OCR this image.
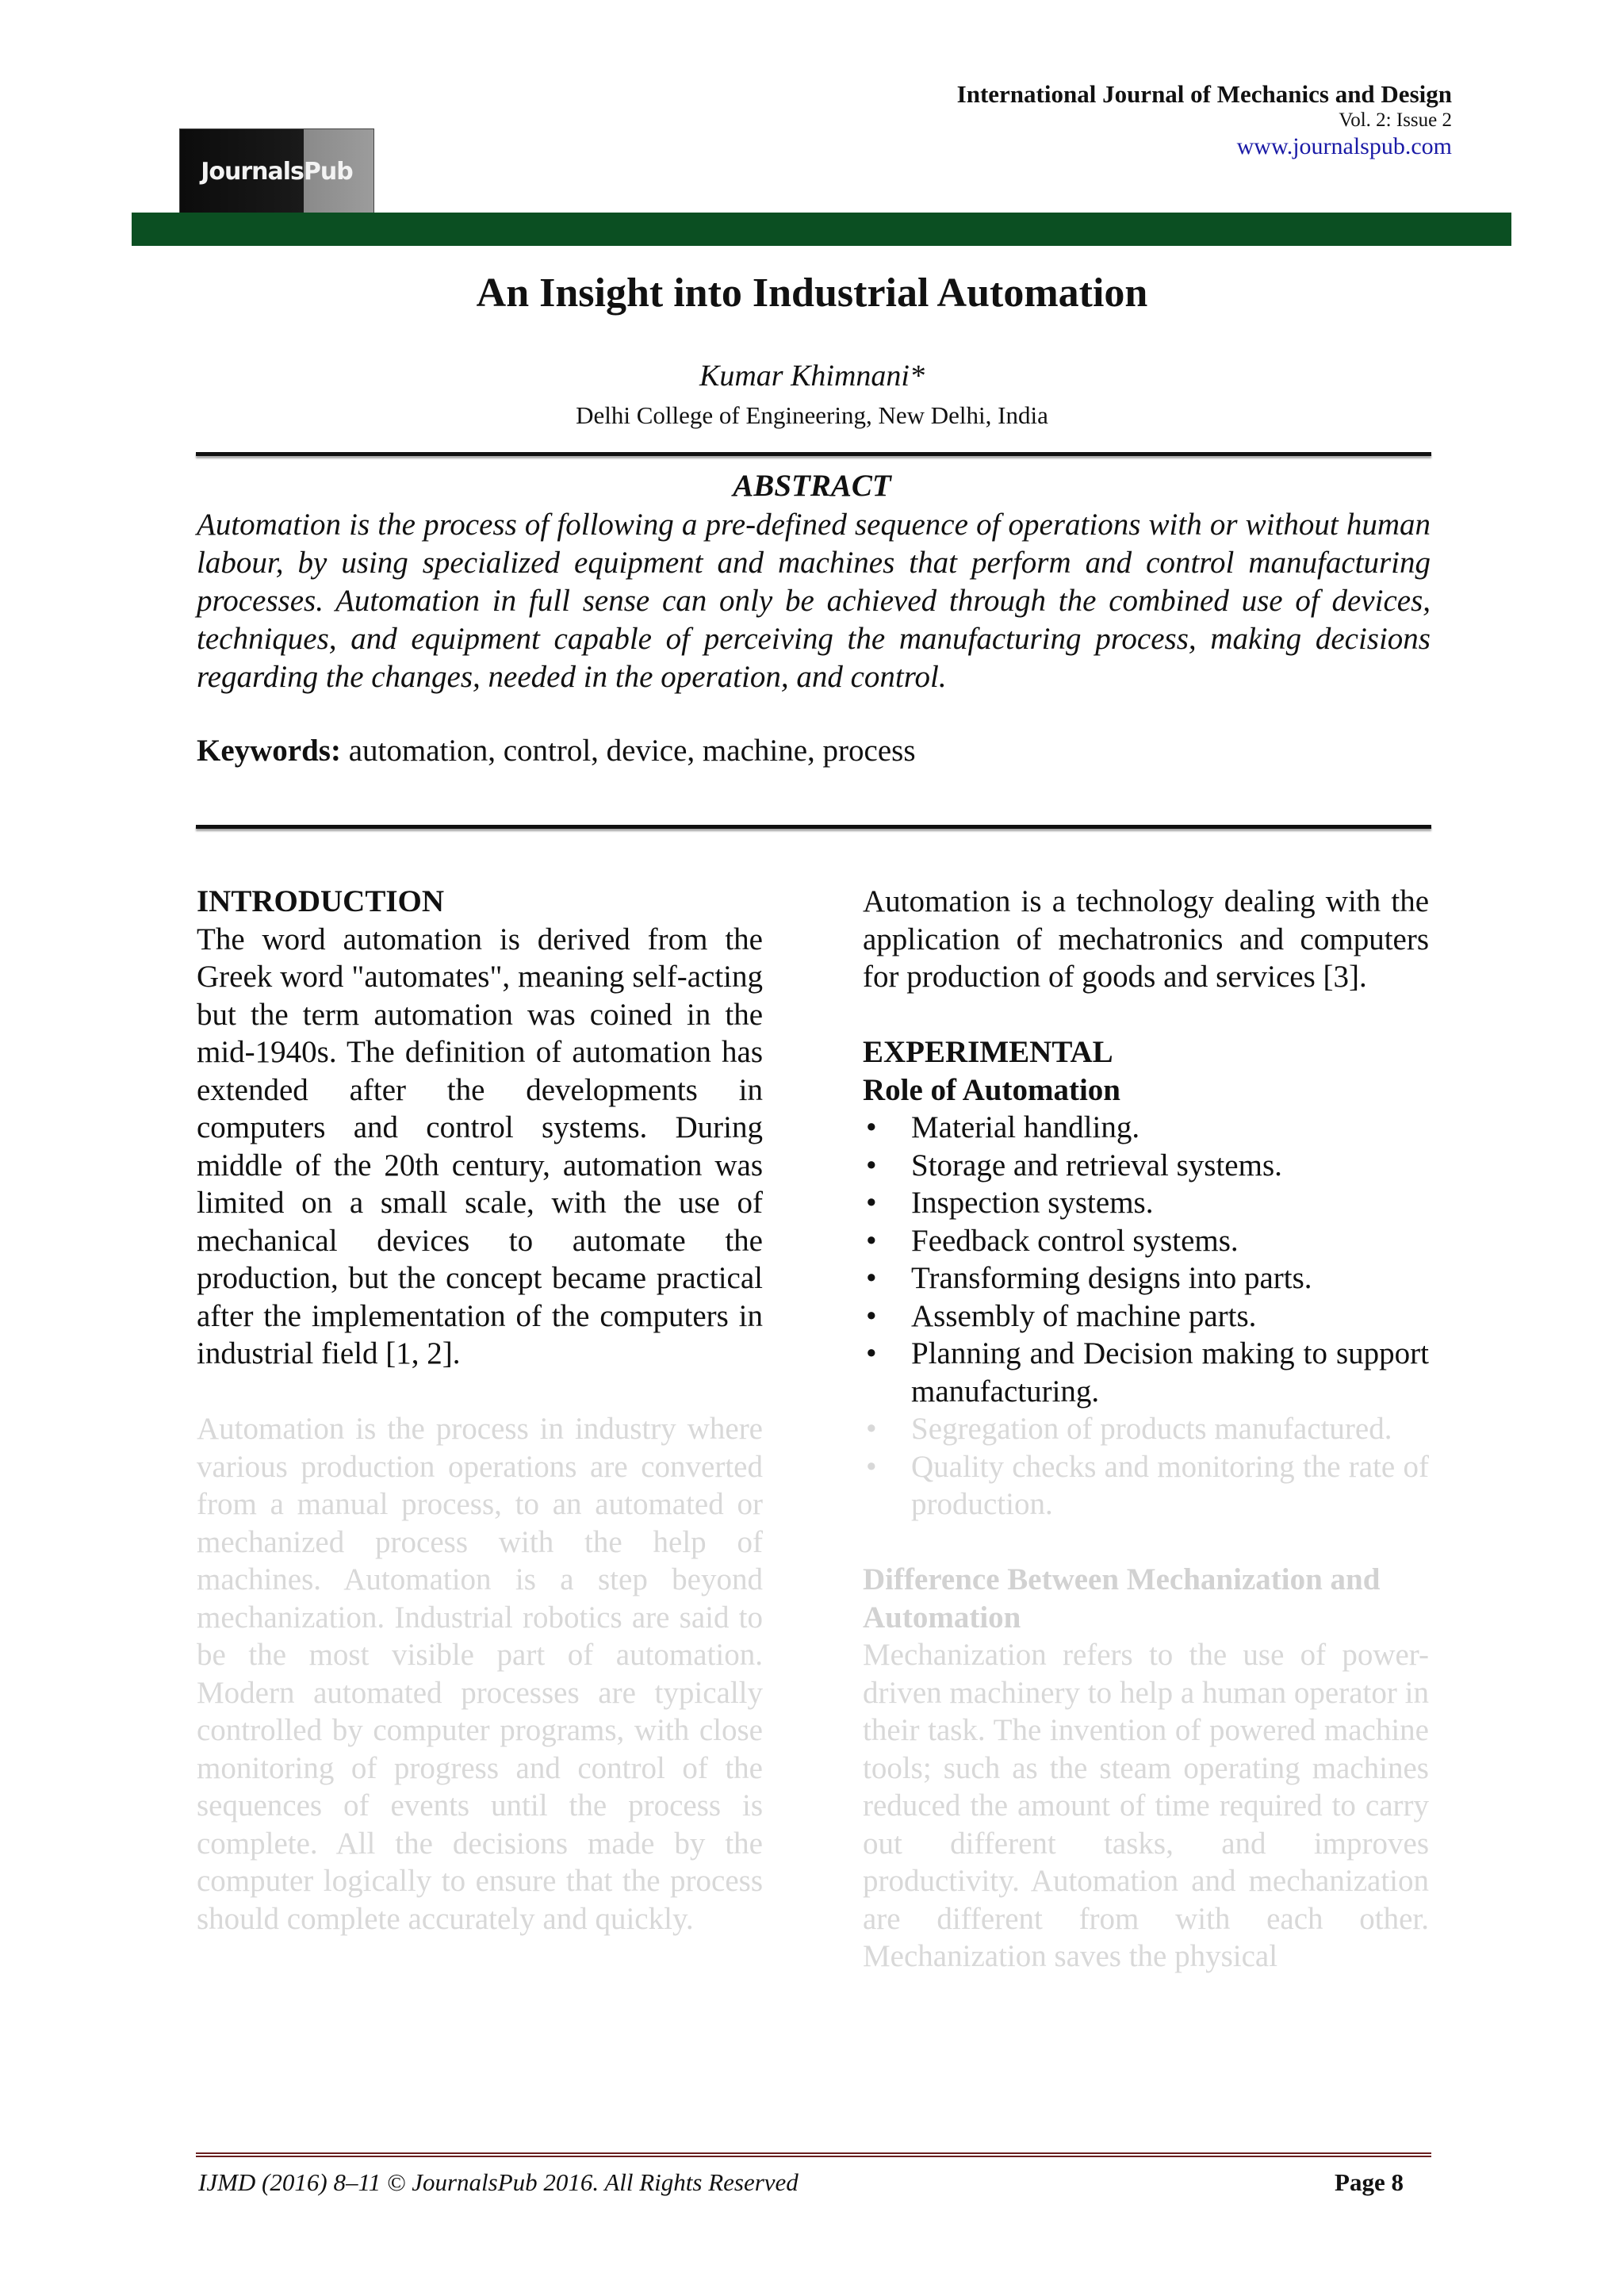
International Journal of Mechanics and Design
Vol. 2: Issue 2
www.journalspub.com
JournalsPub
An Insight into Industrial Automation
Kumar Khimnani*
Delhi College of Engineering, New Delhi, India
ABSTRACT

Automation is the process of following a pre-defined sequence of operations with or without human labour, by using specialized equipment and machines that perform and control manufacturing processes. Automation in full sense can only be achieved through the combined use of devices, techniques, and equipment capable of perceiving the manufacturing process, making decisions regarding the changes, needed in the operation, and control.

Keywords: automation, control, device, machine, process

INTRODUCTION

The word automation is derived from the Greek word "automates", meaning self-acting but the term automation was coined in the mid-1940s. The definition of automation has extended after the developments in computers and control systems. During middle of the 20th century, automation was limited on a small scale, with the use of mechanical devices to automate the production, but the concept became practical after the implementation of the computers in industrial field [1, 2].

Automation is the process in industry where various production operations are converted from a manual process, to an automated or mechanized process with the help of machines. Automation is a step beyond mechanization. Industrial robotics are said to be the most visible part of automation. Modern automated processes are typically controlled by computer programs, with close monitoring of progress and control of the sequences of events until the process is complete. All the decisions made by the computer logically to ensure that the process should complete accurately and quickly.

Automation is a technology dealing with the application of mechatronics and computers for production of goods and services [3].

EXPERIMENTAL
Role of Automation
• Material handling.
• Storage and retrieval systems.
• Inspection systems.
• Feedback control systems.
• Transforming designs into parts.
• Assembly of machine parts.
• Planning and Decision making to support manufacturing.
• Segregation of products manufactured.
• Quality checks and monitoring the rate of production.
Difference Between Mechanization and Automation

Mechanization refers to the use of power-driven machinery to help a human operator in their task. The invention of powered machine tools; such as the steam operating machines reduced the amount of time required to carry out different tasks, and improves productivity. Automation and mechanization are different from with each other. Mechanization saves the physical

IJMD (2016) 8–11 © JournalsPub 2016. All Rights Reserved	Page 8
